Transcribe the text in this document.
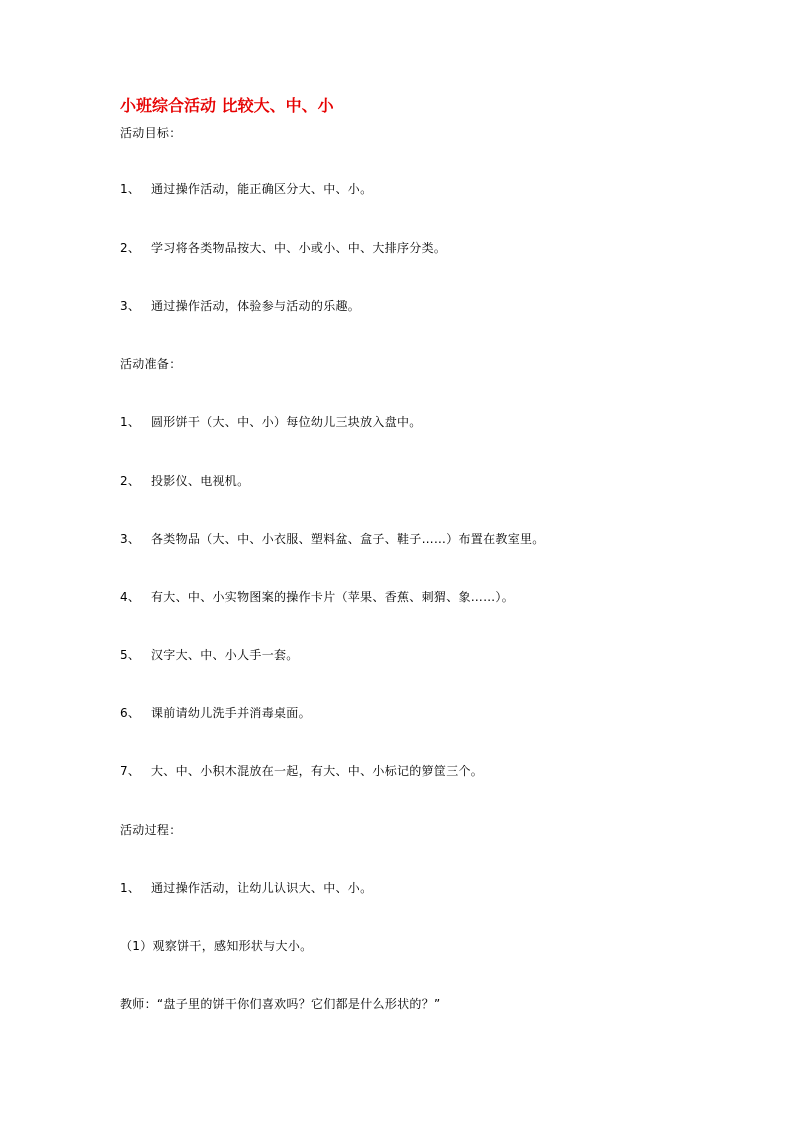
小班综合活动 比较大、中、小
活动目标：
1、 通过操作活动，能正确区分大、中、小。
2、 学习将各类物品按大、中、小或小、中、大排序分类。
3、 通过操作活动，体验参与活动的乐趣。
活动准备：
1、 圆形饼干（大、中、小）每位幼儿三块放入盘中。
2、 投影仪、电视机。
3、 各类物品（大、中、小衣服、塑料盆、盒子、鞋子……）布置在教室里。
4、 有大、中、小实物图案的操作卡片（苹果、香蕉、刺猬、象……）。
5、 汉字大、中、小人手一套。
6、 课前请幼儿洗手并消毒桌面。
7、 大、中、小积木混放在一起，有大、中、小标记的箩筐三个。
活动过程：
1、 通过操作活动，让幼儿认识大、中、小。
（1）观察饼干，感知形状与大小。
教师：“盘子里的饼干你们喜欢吗？它们都是什么形状的？”
